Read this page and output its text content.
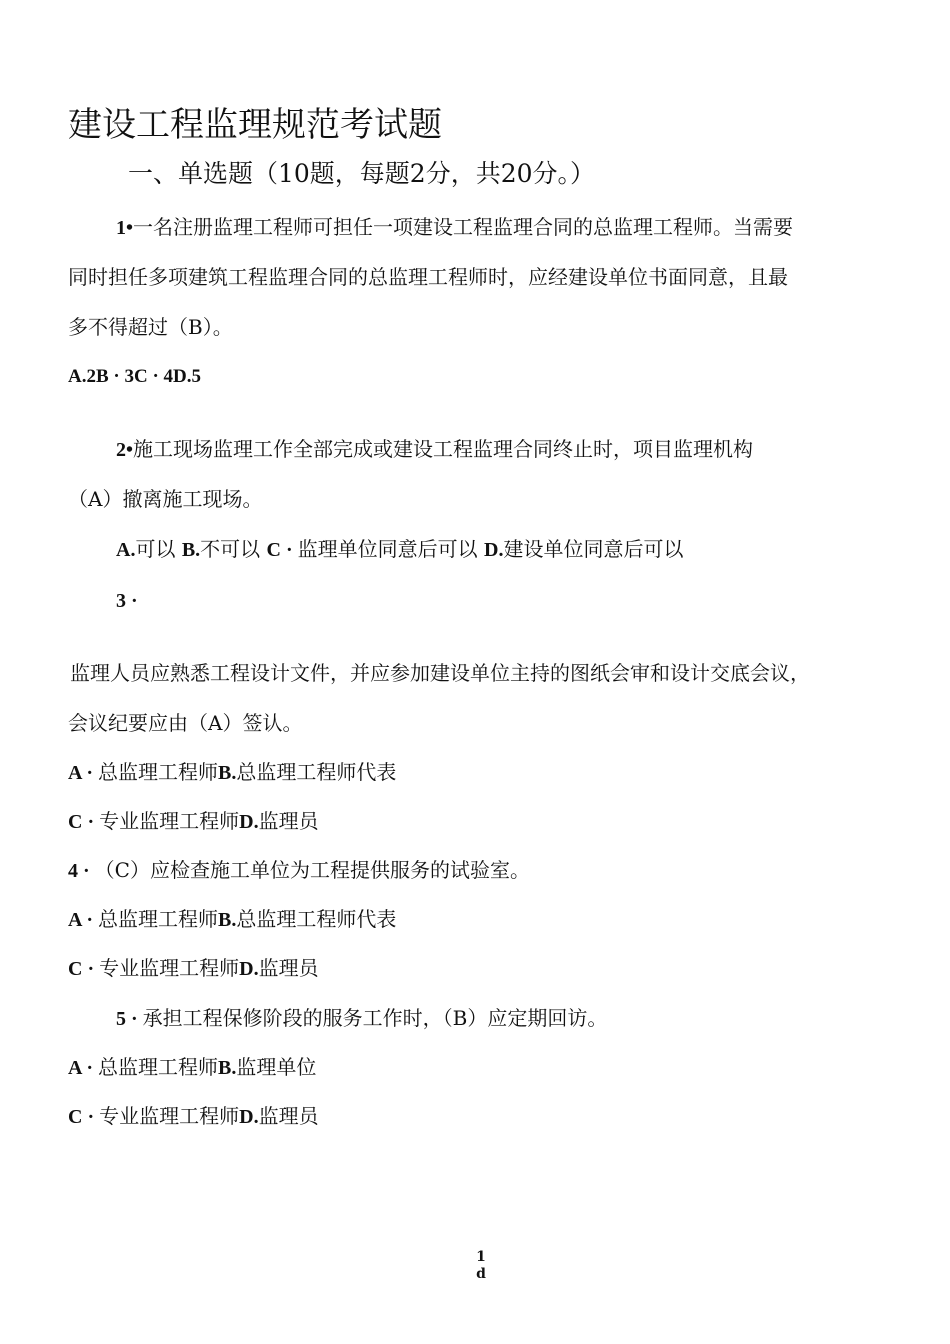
建设工程监理规范考试题
一、单选题（10题，每题2分，共20分。）
1•一名注册监理工程师可担任一项建设工程监理合同的总监理工程师。当需要
同时担任多项建筑工程监理合同的总监理工程师时，应经建设单位书面同意，且最
多不得超过（B）。
A.2B · 3C · 4D.5
2•施工现场监理工作全部完成或建设工程监理合同终止时，项目监理机构
（A）撤离施工现场。
A.可以 B.不可以 C · 监理单位同意后可以 D.建设单位同意后可以
3 ·
监理人员应熟悉工程设计文件，并应参加建设单位主持的图纸会审和设计交底会议，
会议纪要应由（A）签认。
A · 总监理工程师B.总监理工程师代表
C · 专业监理工程师D.监理员
4 · （C）应检查施工单位为工程提供服务的试验室。
A · 总监理工程师B.总监理工程师代表
C · 专业监理工程师D.监理员
5 · 承担工程保修阶段的服务工作时，（B）应定期回访。
A · 总监理工程师B.监理单位
C · 专业监理工程师D.监理员
1
d
